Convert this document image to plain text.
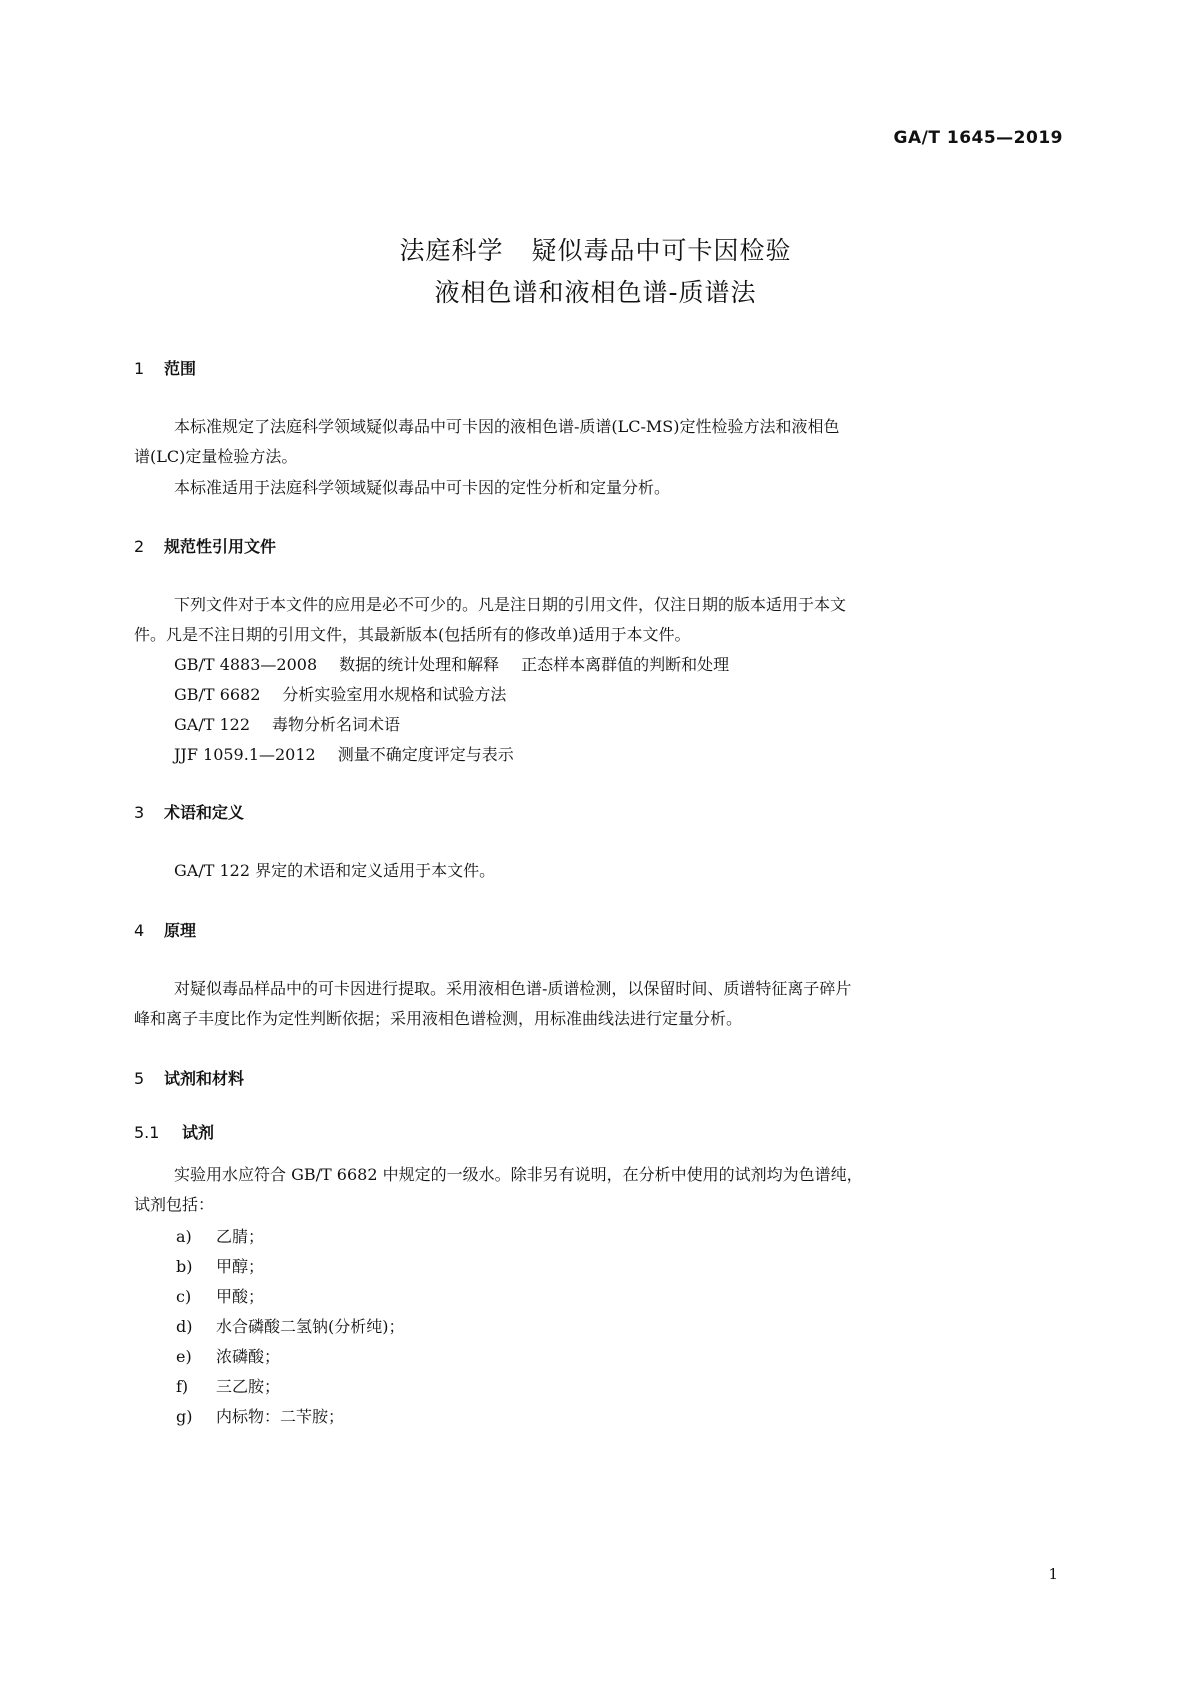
GA/T 1645—2019
法庭科学 疑似毒品中可卡因检验
液相色谱和液相色谱-质谱法
1 范围
本标准规定了法庭科学领域疑似毒品中可卡因的液相色谱-质谱(LC-MS)定性检验方法和液相色
谱(LC)定量检验方法。
本标准适用于法庭科学领域疑似毒品中可卡因的定性分析和定量分析。
2 规范性引用文件
下列文件对于本文件的应用是必不可少的。凡是注日期的引用文件，仅注日期的版本适用于本文
件。凡是不注日期的引用文件，其最新版本(包括所有的修改单)适用于本文件。
GB/T 4883—2008 数据的统计处理和解释 正态样本离群值的判断和处理
GB/T 6682 分析实验室用水规格和试验方法
GA/T 122 毒物分析名词术语
JJF 1059.1—2012 测量不确定度评定与表示
3 术语和定义
GA/T 122 界定的术语和定义适用于本文件。
4 原理
对疑似毒品样品中的可卡因进行提取。采用液相色谱-质谱检测，以保留时间、质谱特征离子碎片
峰和离子丰度比作为定性判断依据；采用液相色谱检测，用标准曲线法进行定量分析。
5 试剂和材料
5.1 试剂
实验用水应符合 GB/T 6682 中规定的一级水。除非另有说明，在分析中使用的试剂均为色谱纯，
试剂包括：
a) 乙腈；
b) 甲醇；
c) 甲酸；
d) 水合磷酸二氢钠(分析纯)；
e) 浓磷酸；
f) 三乙胺；
g) 内标物：二苄胺；
1
